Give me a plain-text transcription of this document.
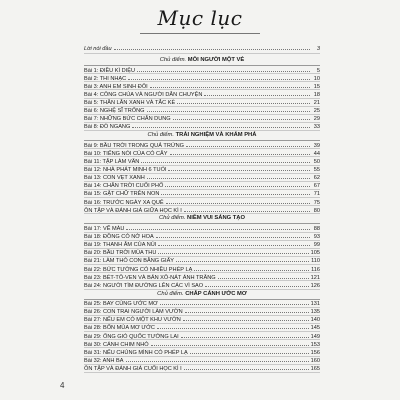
Mục lục
Lời nói đầu	3
Chủ điểm. MỖI NGƯỜI MỘT VẺ
Bài 1: ĐIỀU KÌ DIỆU	5
Bài 2: THI NHẠC	10
Bài 3: ANH EM SINH ĐÔI	15
Bài 4: CÔNG CHÚA VÀ NGƯỜI DẪN CHUYỆN	18
Bài 5: THẰN LẰN XANH VÀ TẮC KÈ	21
Bài 6: NGHỆ SĨ TRỐNG	25
Bài 7: NHỮNG BỨC CHÂN DUNG	29
Bài 8: ĐÒ NGANG	33
Chủ điểm. TRẢI NGHIỆM VÀ KHÁM PHÁ
Bài 9: BẦU TRỜI TRONG QUẢ TRỨNG	39
Bài 10: TIẾNG NÓI CỦA CỎ CÂY	44
Bài 11: TẬP LÀM VĂN	50
Bài 12: NHÀ PHÁT MINH 6 TUỔI	55
Bài 13: CON VẸT XANH	62
Bài 14: CHÂN TRỜI CUỐI PHỐ	67
Bài 15: GẶT CHỮ TRÊN NON	71
Bài 16: TRƯỚC NGÀY XA QUÊ	75
ÔN TẬP VÀ ĐÁNH GIÁ GIỮA HỌC KÌ I	80
Chủ điểm. NIỀM VUI SÁNG TẠO
Bài 17: VẼ MÀU	88
Bài 18: ĐỒNG CỎ NỞ HOA	93
Bài 19: THANH ÂM CỦA NÚI	99
Bài 20: BẦU TRỜI MÙA THU	105
Bài 21: LÀM THỎ CON BẰNG GIẤY	110
Bài 22: BỨC TƯỜNG CÓ NHIỀU PHÉP LẠ	116
Bài 23: BÉT-TÔ-VEN VÀ BẢN XÔ-NÁT ÁNH TRĂNG	121
Bài 24: NGƯỜI TÌM ĐƯỜNG LÊN CÁC VÌ SAO	126
Chủ điểm. CHẮP CÁNH ƯỚC MƠ
Bài 25: BAY CÙNG ƯỚC MƠ	131
Bài 26: CON TRAI NGƯỜI LÀM VƯỜN	135
Bài 27: NẾU EM CÓ MỘT KHU VƯỜN	140
Bài 28: BỐN MÙA MƠ ƯỚC	145
Bài 29: ỐNG GIÓ QUỐC TƯỞNG LAI	149
Bài 30: CÁNH CHIM NHỎ	153
Bài 31: NẾU CHÚNG MÌNH CÓ PHÉP LẠ	156
Bài 32: ANH BA	160
ÔN TẬP VÀ ĐÁNH GIÁ CUỐI HỌC KÌ I	165
4
